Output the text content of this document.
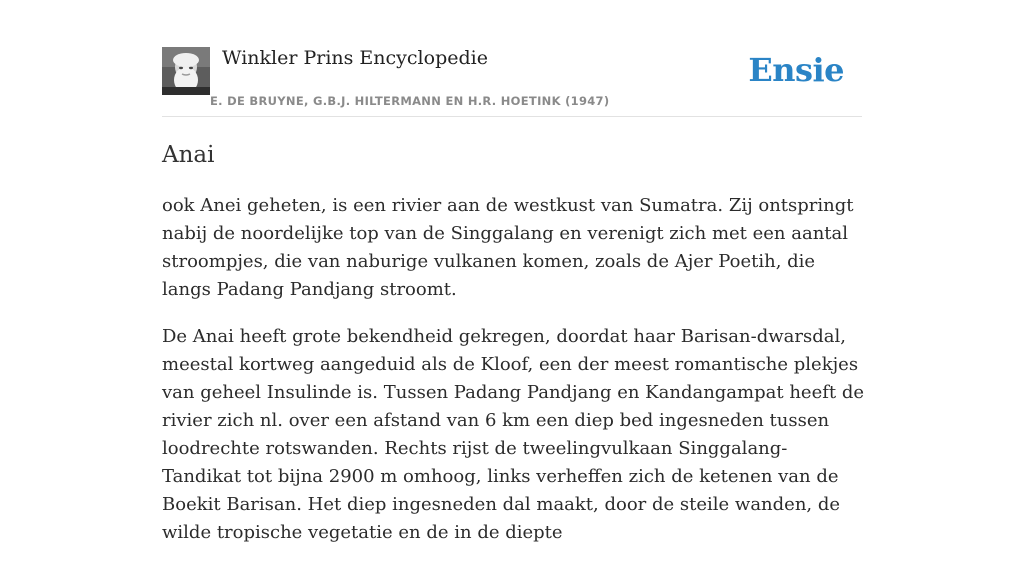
Winkler Prins Encyclopedie
E. DE BRUYNE, G.B.J. HILTERMANN EN H.R. HOETINK (1947)
Ensie
Anai

ook Anei geheten, is een rivier aan de westkust van Sumatra. Zij ontspringt nabij de noordelijke top van de Singgalang en verenigt zich met een aantal stroompjes, die van naburige vulkanen komen, zoals de Ajer Poetih, die langs Padang Pandjang stroomt.

De Anai heeft grote bekendheid gekregen, doordat haar Barisan-dwarsdal, meestal kortweg aangeduid als de Kloof, een der meest romantische plekjes van geheel Insulinde is. Tussen Padang Pandjang en Kandangampat heeft de rivier zich nl. over een afstand van 6 km een diep bed ingesneden tussen loodrechte rotswanden. Rechts rijst de tweelingvulkaan Singgalang-Tandikat tot bijna 2900 m omhoog, links verheffen zich de ketenen van de Boekit Barisan. Het diep ingesneden dal maakt, door de steile wanden, de wilde tropische vegetatie en de in de diepte
